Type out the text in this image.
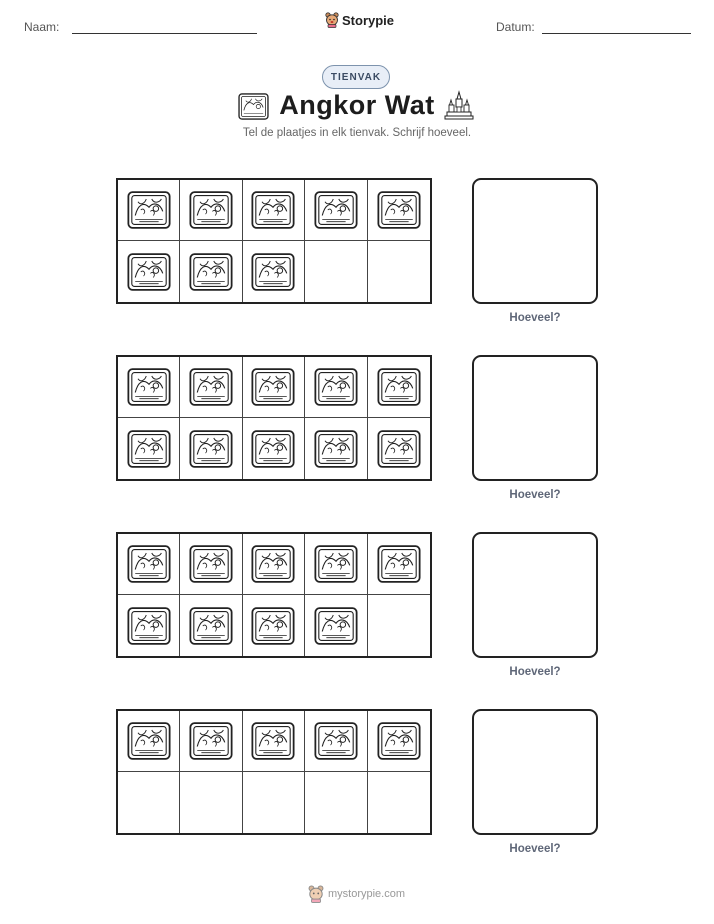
Naam:	Storypie	Datum:
TIENVAK
Angkor Wat
Tel de plaatjes in elk tienvak. Schrijf hoeveel.
Hoeveel?
Hoeveel?
Hoeveel?
Hoeveel?
mystorypie.com
